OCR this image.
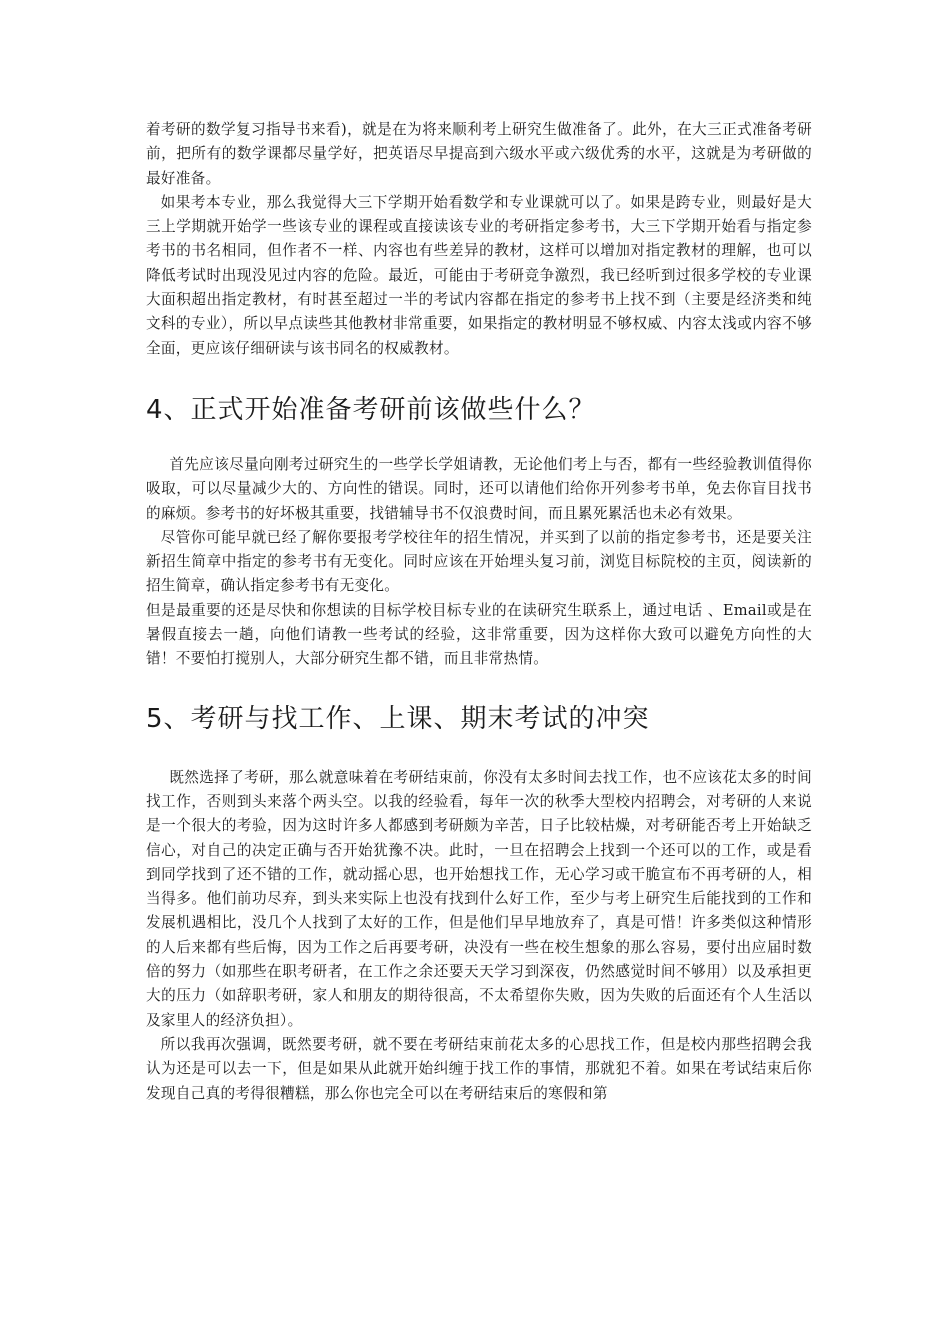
着考研的数学复习指导书来看)，就是在为将来顺利考上研究生做准备了。此外，在大三正式准备考研前，把所有的数学课都尽量学好，把英语尽早提高到六级水平或六级优秀的水平，这就是为考研做的最好准备。

如果考本专业，那么我觉得大三下学期开始看数学和专业课就可以了。如果是跨专业，则最好是大三上学期就开始学一些该专业的课程或直接读该专业的考研指定参考书，大三下学期开始看与指定参考书的书名相同，但作者不一样、内容也有些差异的教材，这样可以增加对指定教材的理解，也可以降低考试时出现没见过内容的危险。最近，可能由于考研竞争激烈，我已经听到过很多学校的专业课大面积超出指定教材，有时甚至超过一半的考试内容都在指定的参考书上找不到（主要是经济类和纯文科的专业），所以早点读些其他教材非常重要，如果指定的教材明显不够权威、内容太浅或内容不够全面，更应该仔细研读与该书同名的权威教材。

4、正式开始准备考研前该做些什么？

首先应该尽量向刚考过研究生的一些学长学姐请教，无论他们考上与否，都有一些经验教训值得你吸取，可以尽量减少大的、方向性的错误。同时，还可以请他们给你开列参考书单，免去你盲目找书的麻烦。参考书的好坏极其重要，找错辅导书不仅浪费时间，而且累死累活也未必有效果。

尽管你可能早就已经了解你要报考学校往年的招生情况，并买到了以前的指定参考书，还是要关注新招生简章中指定的参考书有无变化。同时应该在开始埋头复习前，浏览目标院校的主页，阅读新的招生简章，确认指定参考书有无变化。

但是最重要的还是尽快和你想读的目标学校目标专业的在读研究生联系上，通过电话 、Email或是在暑假直接去一趟，向他们请教一些考试的经验，这非常重要，因为这样你大致可以避免方向性的大错！不要怕打搅别人，大部分研究生都不错，而且非常热情。

5、考研与找工作、上课、期末考试的冲突

既然选择了考研，那么就意味着在考研结束前，你没有太多时间去找工作，也不应该花太多的时间找工作，否则到头来落个两头空。以我的经验看，每年一次的秋季大型校内招聘会，对考研的人来说是一个很大的考验，因为这时许多人都感到考研颇为辛苦，日子比较枯燥，对考研能否考上开始缺乏信心，对自己的决定正确与否开始犹豫不决。此时，一旦在招聘会上找到一个还可以的工作，或是看到同学找到了还不错的工作，就动摇心思，也开始想找工作，无心学习或干脆宣布不再考研的人，相当得多。他们前功尽弃，到头来实际上也没有找到什么好工作，至少与考上研究生后能找到的工作和发展机遇相比，没几个人找到了太好的工作，但是他们早早地放弃了，真是可惜！许多类似这种情形的人后来都有些后悔，因为工作之后再要考研，决没有一些在校生想象的那么容易，要付出应届时数倍的努力（如那些在职考研者，在工作之余还要天天学习到深夜，仍然感觉时间不够用）以及承担更大的压力（如辞职考研，家人和朋友的期待很高，不太希望你失败，因为失败的后面还有个人生活以及家里人的经济负担）。

所以我再次强调，既然要考研，就不要在考研结束前花太多的心思找工作，但是校内那些招聘会我认为还是可以去一下，但是如果从此就开始纠缠于找工作的事情，那就犯不着。如果在考试结束后你发现自己真的考得很糟糕，那么你也完全可以在考研结束后的寒假和第
